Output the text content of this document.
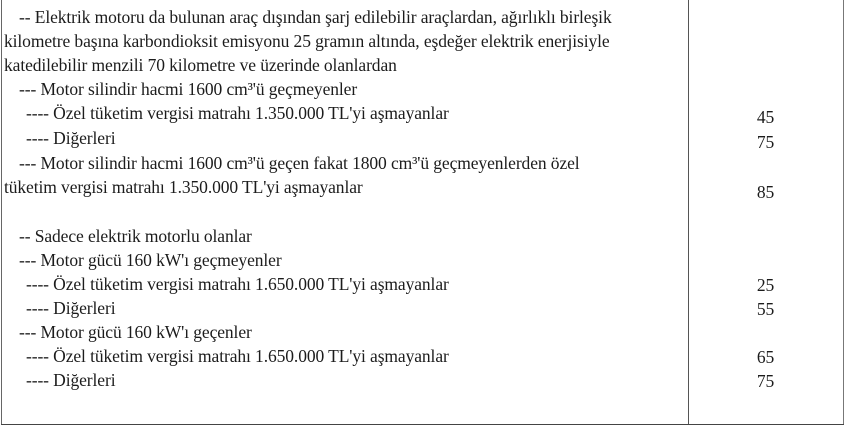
-- Elektrik motoru da bulunan araç dışından şarj edilebilir araçlardan, ağırlıklı birleşik
kilometre başına karbondioksit emisyonu 25 gramın altında, eşdeğer elektrik enerjisiyle
katedilebilir menzili 70 kilometre ve üzerinde olanlardan
--- Motor silindir hacmi 1600 cm³'ü geçmeyenler
---- Özel tüketim vergisi matrahı 1.350.000 TL'yi aşmayanlar	45
---- Diğerleri	75
--- Motor silindir hacmi 1600 cm³'ü geçen fakat 1800 cm³'ü geçmeyenlerden özel
tüketim vergisi matrahı 1.350.000 TL'yi aşmayanlar	85
-- Sadece elektrik motorlu olanlar
--- Motor gücü 160 kW'ı geçmeyenler
---- Özel tüketim vergisi matrahı 1.650.000 TL'yi aşmayanlar	25
---- Diğerleri	55
--- Motor gücü 160 kW'ı geçenler
---- Özel tüketim vergisi matrahı 1.650.000 TL'yi aşmayanlar	65
---- Diğerleri	75
